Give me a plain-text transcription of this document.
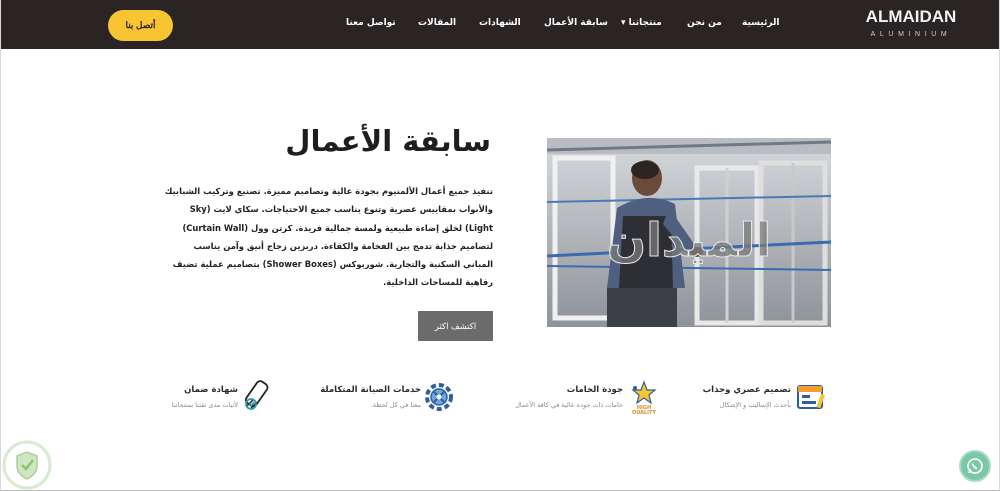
أتصل بنا	تواصل معنا المقالات	الشهادات	سابقة الأعمال منتجاتنا ▾	من نحن الرئيسية	ALMAIDAN
ALUMINIUM
سابقة الأعمال
تنفيذ جميع أعمال الألمنيوم بجودة عالية وتصاميم مميزة. تصنيع وتركيب الشبابيك والأبواب بمقاييس عصرية وتنوع يناسب جميع الاحتياجات. سكاي لايت (Sky Light) لخلق إضاءة طبيعية ولمسة جمالية فريدة. كرتن وول (Curtain Wall) لتصاميم جذابة تدمج بين الفخامة والكفاءة. دربزين زجاج أنيق وآمن يناسب المباني السكنية والتجارية. شوربوكس (Shower Boxes) بتصاميم عملية تضيف رفاهية للمساحات الداخلية.
اكتشف اكثر
الميدان
تصميم عصري وجذاب
بأحدث الإساليب و الإشكال
HIGH
QUALITY
جودة الخامات
خامات ذات جوده عالية في كافة الأعمال
خدمات الصيانة المتكاملة
معنا في كل لحظة.
شهادة ضمان
لأثبات مدى ثقتنا بمنتجاتنا
